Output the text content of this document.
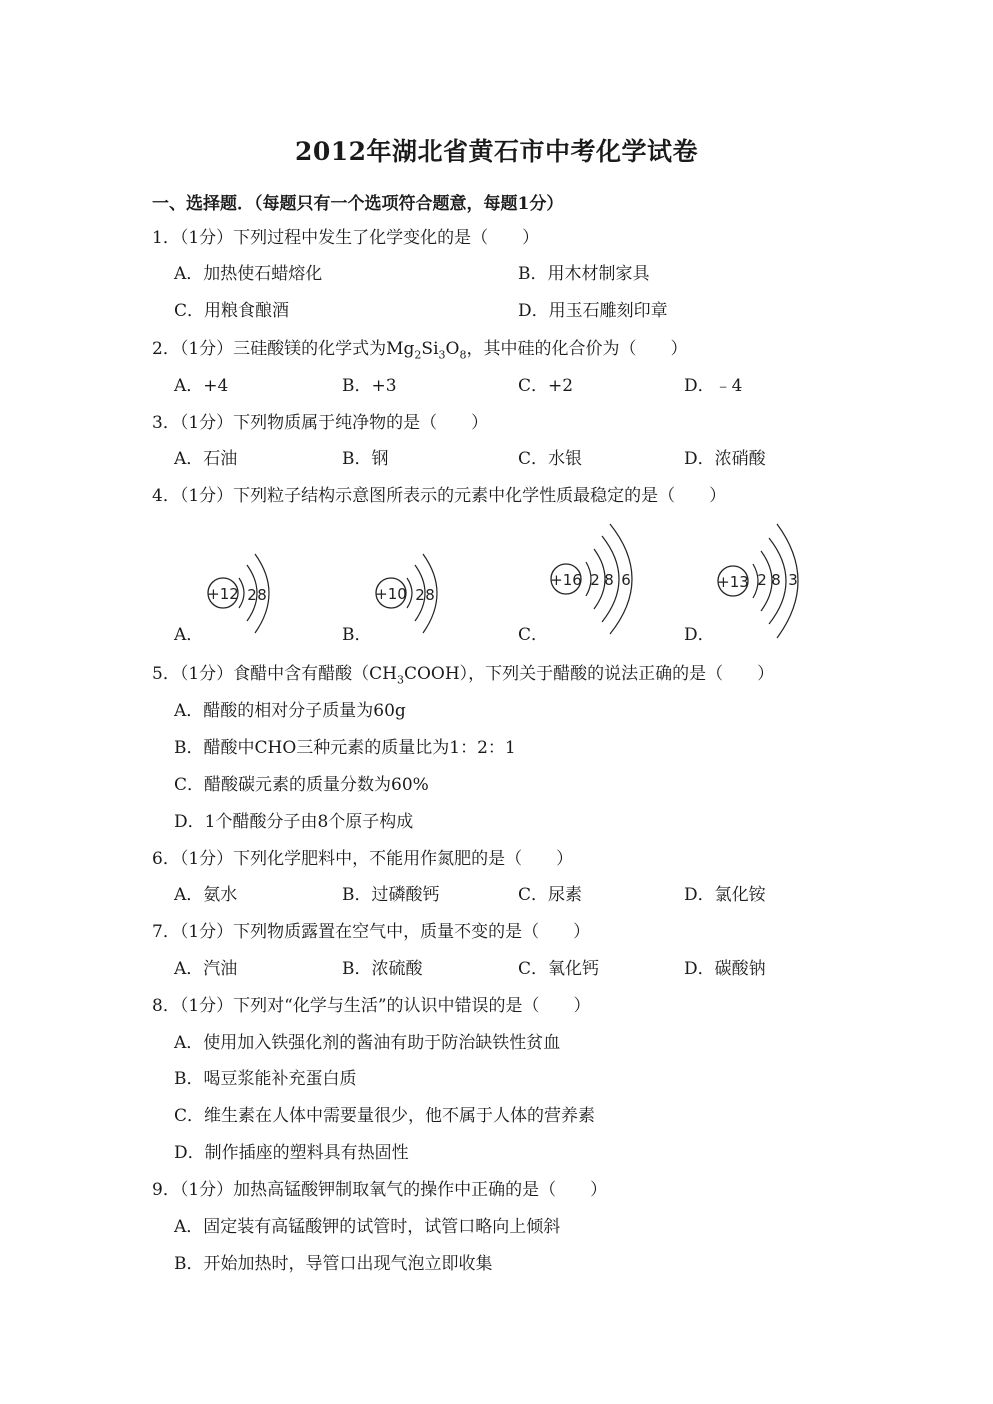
2012年湖北省黄石市中考化学试卷
一、选择题．（每题只有一个选项符合题意，每题1分）
1．（1分）下列过程中发生了化学变化的是（　　）
A．加热使石蜡熔化	B．用木材制家具
C．用粮食酿酒	D．用玉石雕刻印章
2．（1分）三硅酸镁的化学式为$Mg_2Si_3O_8$，其中硅的化合价为（　　）
A．+4	B．+3	C．+2	D．﹣4
3．（1分）下列物质属于纯净物的是（　　）
A．石油	B．钢	C．水银	D．浓硝酸
4．（1分）下列粒子结构示意图所表示的元素中化学性质最稳定的是（　　）
+12 2 8	+10 2 8
+16 2 8 6	+13 2 8 3
A．	B．	C．	D．
5．（1分）食醋中含有醋酸$(CH_3COOH)$，下列关于醋酸的说法正确的是（　　）
A．醋酸的相对分子质量为60g
B．醋酸中CHO三种元素的质量比为1：2：1
C．醋酸碳元素的质量分数为60%
D．1个醋酸分子由8个原子构成
6．（1分）下列化学肥料中，不能用作氮肥的是（　　）
A．氨水	B．过磷酸钙	C．尿素	D．氯化铵
7．（1分）下列物质露置在空气中，质量不变的是（　　）
A．汽油	B．浓硫酸	C．氧化钙	D．碳酸钠
8．（1分）下列对“化学与生活”的认识中错误的是（　　）
A．使用加入铁强化剂的酱油有助于防治缺铁性贫血
B．喝豆浆能补充蛋白质
C．维生素在人体中需要量很少，他不属于人体的营养素
D．制作插座的塑料具有热固性
9．（1分）加热高锰酸钾制取氧气的操作中正确的是（　　）
A．固定装有高锰酸钾的试管时，试管口略向上倾斜
B．开始加热时，导管口出现气泡立即收集
